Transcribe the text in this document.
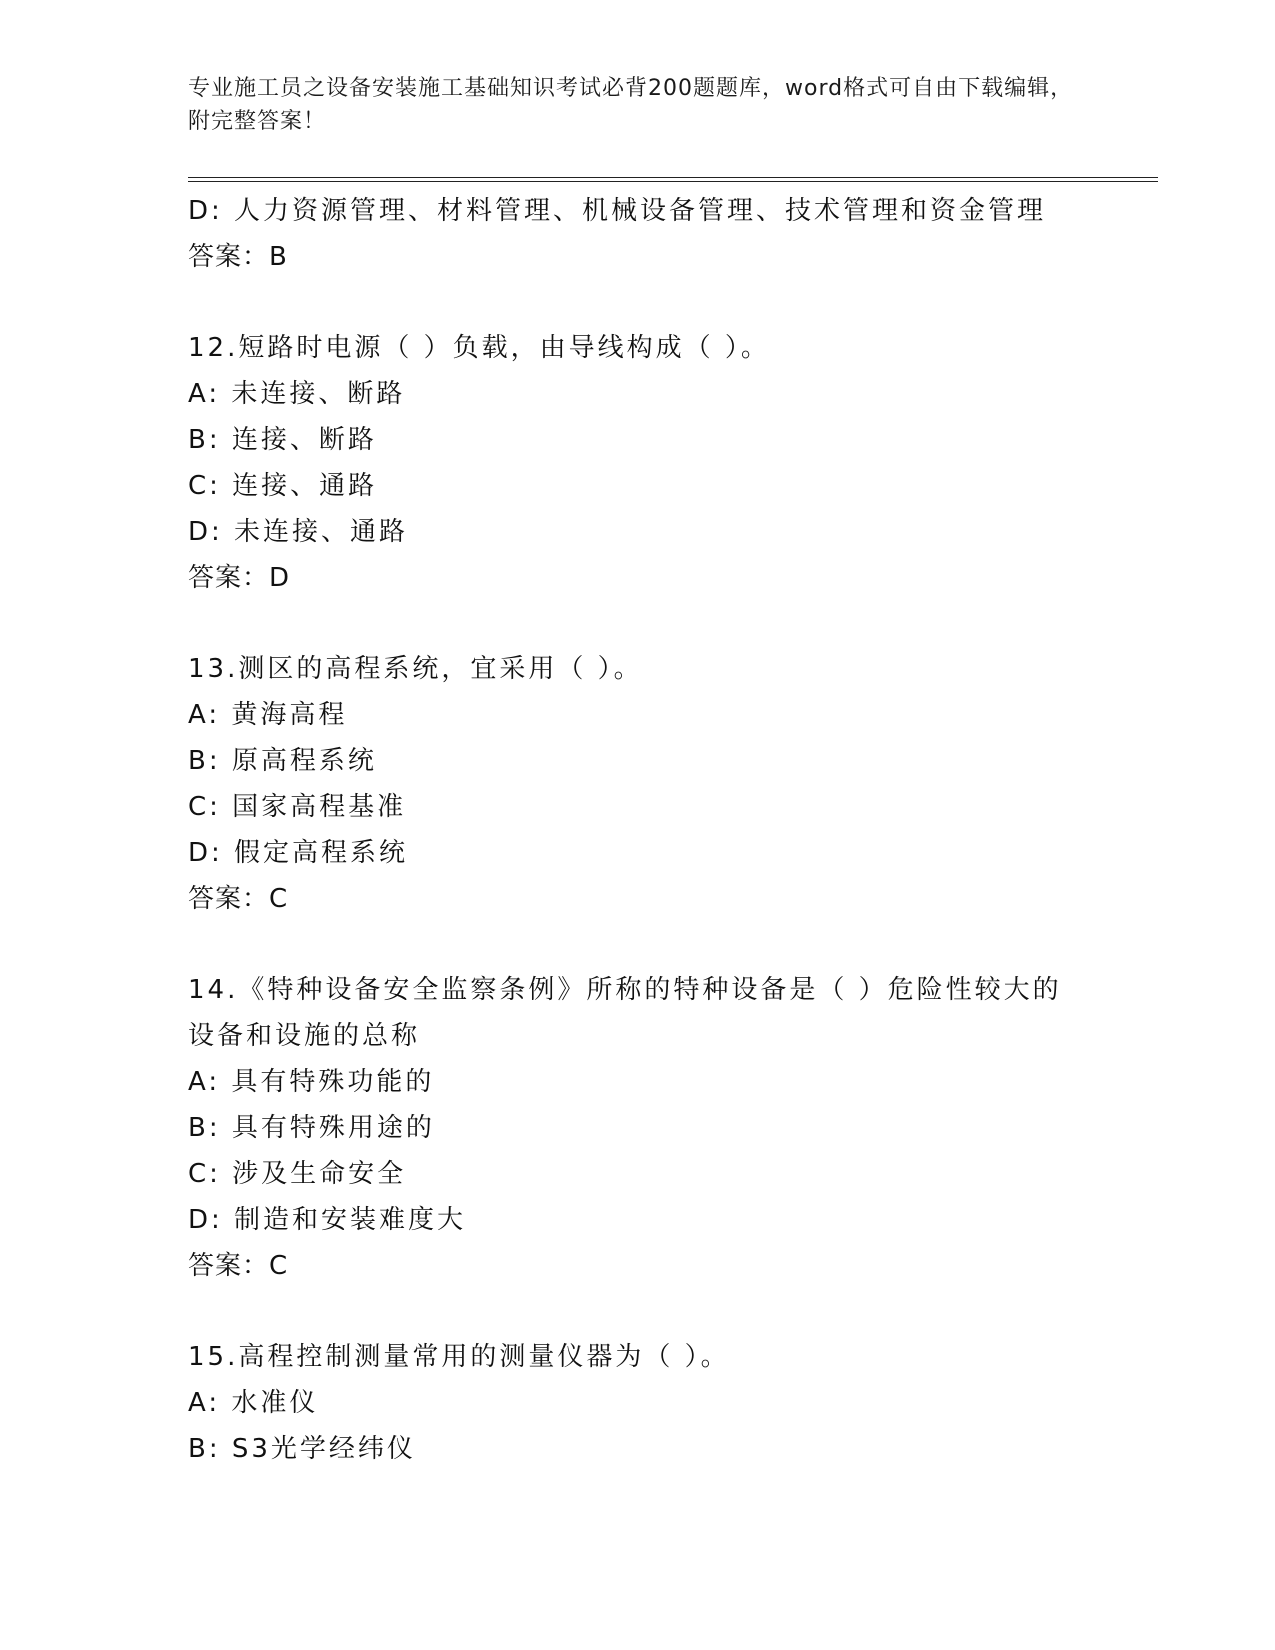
专业施工员之设备安装施工基础知识考试必背200题题库，word格式可自由下载编辑，附完整答案！
D: 人力资源管理、材料管理、机械设备管理、技术管理和资金管理
答案：B
12.短路时电源（ ）负载，由导线构成（ ）。
A: 未连接、断路
B: 连接、断路
C: 连接、通路
D: 未连接、通路
答案：D
13.测区的高程系统，宜采用（ ）。
A: 黄海高程
B: 原高程系统
C: 国家高程基准
D: 假定高程系统
答案：C
14.《特种设备安全监察条例》所称的特种设备是（ ）危险性较大的设备和设施的总称
A: 具有特殊功能的
B: 具有特殊用途的
C: 涉及生命安全
D: 制造和安装难度大
答案：C
15.高程控制测量常用的测量仪器为（ ）。
A: 水准仪
B: S3光学经纬仪
